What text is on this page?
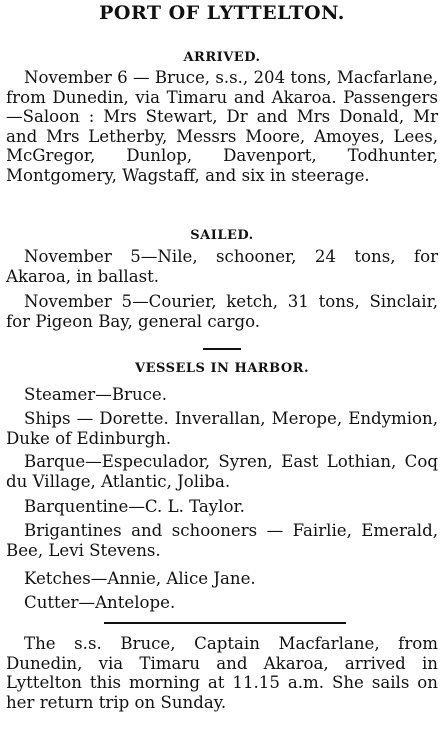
PORT OF LYTTELTON.
ARRIVED.

November 6 — Bruce, s.s., 204 tons, Macfarlane, from Dunedin, via Timaru and Akaroa. Passengers—Saloon : Mrs Stewart, Dr and Mrs Donald, Mr and Mrs Letherby, Messrs Moore, Amoyes, Lees, McGregor, Dunlop, Davenport, Todhunter, Montgomery, Wagstaff, and six in steerage.

SAILED.

November 5—Nile, schooner, 24 tons, for Akaroa, in ballast.

November 5—Courier, ketch, 31 tons, Sinclair, for Pigeon Bay, general cargo.

VESSELS IN HARBOR.

Steamer—Bruce.

Ships — Dorette. Inverallan, Merope, Endymion, Duke of Edinburgh.

Barque—Especulador, Syren, East Lothian, Coq du Village, Atlantic, Joliba.

Barquentine—C. L. Taylor.

Brigantines and schooners — Fairlie, Emerald, Bee, Levi Stevens.

Ketches—Annie, Alice Jane.

Cutter—Antelope.

The s.s. Bruce, Captain Macfarlane, from Dunedin, via Timaru and Akaroa, arrived in Lyttelton this morning at 11.15 a.m. She sails on her return trip on Sunday.
